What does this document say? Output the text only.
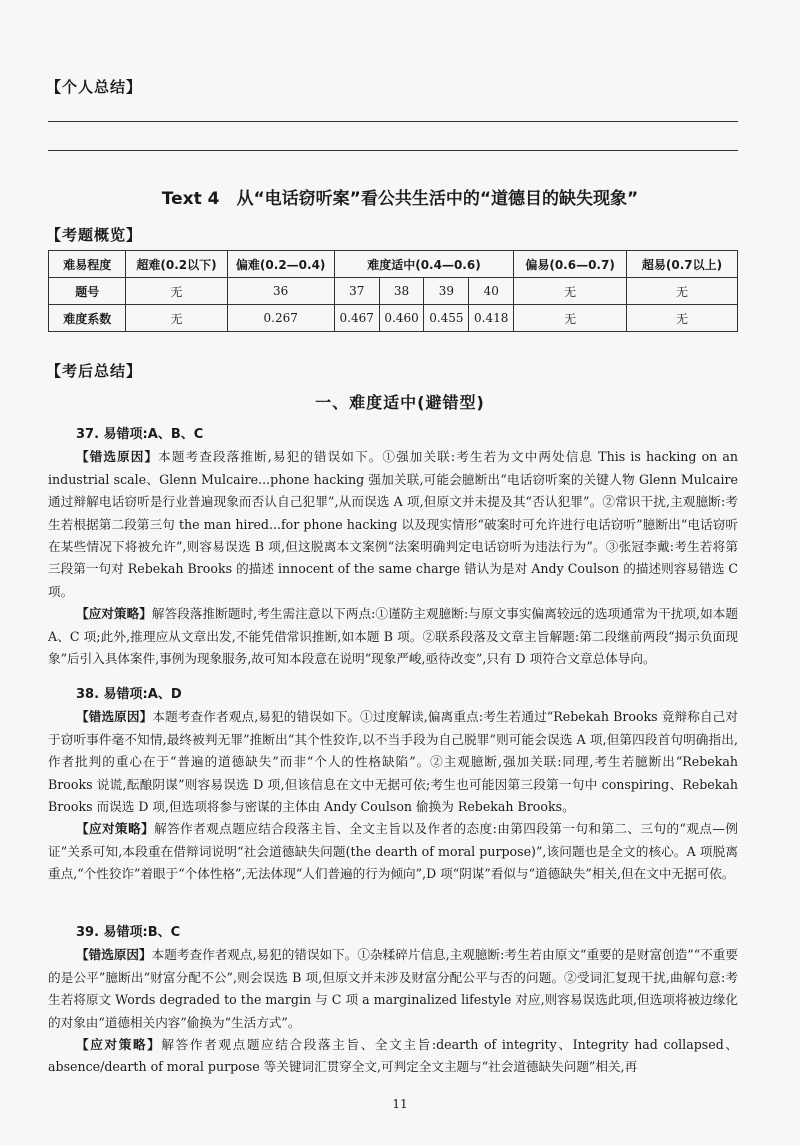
【个人总结】
Text 4　从“电话窃听案”看公共生活中的“道德目的缺失现象”
【考题概览】
难易程度	超难(0.2以下)	偏难(0.2—0.4)	难度适中(0.4—0.6)				偏易(0.6—0.7)	超易(0.7以上)
题号	无	36	37	38	39	40	无	无
难度系数	无	0.267	0.467	0.460	0.455	0.418	无	无
【考后总结】
一、难度适中(避错型)

37. 易错项:A、B、C

【错选原因】本题考查段落推断,易犯的错误如下。①强加关联:考生若为文中两处信息 This is hacking on an industrial scale、Glenn Mulcaire...phone hacking 强加关联,可能会臆断出“电话窃听案的关键人物 Glenn Mulcaire 通过辩解电话窃听是行业普遍现象而否认自己犯罪”,从而误选 A 项,但原文并未提及其“否认犯罪”。②常识干扰,主观臆断:考生若根据第二段第三句 the man hired...for phone hacking 以及现实情形“破案时可允许进行电话窃听”臆断出“电话窃听在某些情况下将被允许”,则容易误选 B 项,但这脱离本文案例“法案明确判定电话窃听为违法行为”。③张冠李戴:考生若将第三段第一句对 Rebekah Brooks 的描述 innocent of the same charge 错认为是对 Andy Coulson 的描述则容易错选 C 项。

【应对策略】解答段落推断题时,考生需注意以下两点:①谨防主观臆断:与原文事实偏离较远的选项通常为干扰项,如本题 A、C 项;此外,推理应从文章出发,不能凭借常识推断,如本题 B 项。②联系段落及文章主旨解题:第二段继前两段“揭示负面现象”后引入具体案件,事例为现象服务,故可知本段意在说明“现象严峻,亟待改变”,只有 D 项符合文章总体导向。

38. 易错项:A、D

【错选原因】本题考查作者观点,易犯的错误如下。①过度解读,偏离重点:考生若通过“Rebekah Brooks 竟辩称自己对于窃听事件毫不知情,最终被判无罪”推断出“其个性狡诈,以不当手段为自己脱罪”则可能会误选 A 项,但第四段首句明确指出,作者批判的重心在于“普遍的道德缺失”而非“个人的性格缺陷”。②主观臆断,强加关联:同理,考生若臆断出“Rebekah Brooks 说谎,酝酿阴谋”则容易误选 D 项,但该信息在文中无据可依;考生也可能因第三段第一句中 conspiring、Rebekah Brooks 而误选 D 项,但选项将参与密谋的主体由 Andy Coulson 偷换为 Rebekah Brooks。

【应对策略】解答作者观点题应结合段落主旨、全文主旨以及作者的态度:由第四段第一句和第二、三句的“观点—例证”关系可知,本段重在借辩词说明“社会道德缺失问题(the dearth of moral purpose)”,该问题也是全文的核心。A 项脱离重点,“个性狡诈”着眼于“个体性格”,无法体现“人们普遍的行为倾向”,D 项“阴谋”看似与“道德缺失”相关,但在文中无据可依。

39. 易错项:B、C

【错选原因】本题考查作者观点,易犯的错误如下。①杂糅碎片信息,主观臆断:考生若由原文“重要的是财富创造”“不重要的是公平”臆断出“财富分配不公”,则会误选 B 项,但原文并未涉及财富分配公平与否的问题。②受词汇复现干扰,曲解句意:考生若将原文 Words degraded to the margin 与 C 项 a marginalized lifestyle 对应,则容易误选此项,但选项将被边缘化的对象由“道德相关内容”偷换为“生活方式”。

【应对策略】解答作者观点题应结合段落主旨、全文主旨:dearth of integrity、Integrity had collapsed、absence/dearth of moral purpose 等关键词汇贯穿全文,可判定全文主题与“社会道德缺失问题”相关,再

11
